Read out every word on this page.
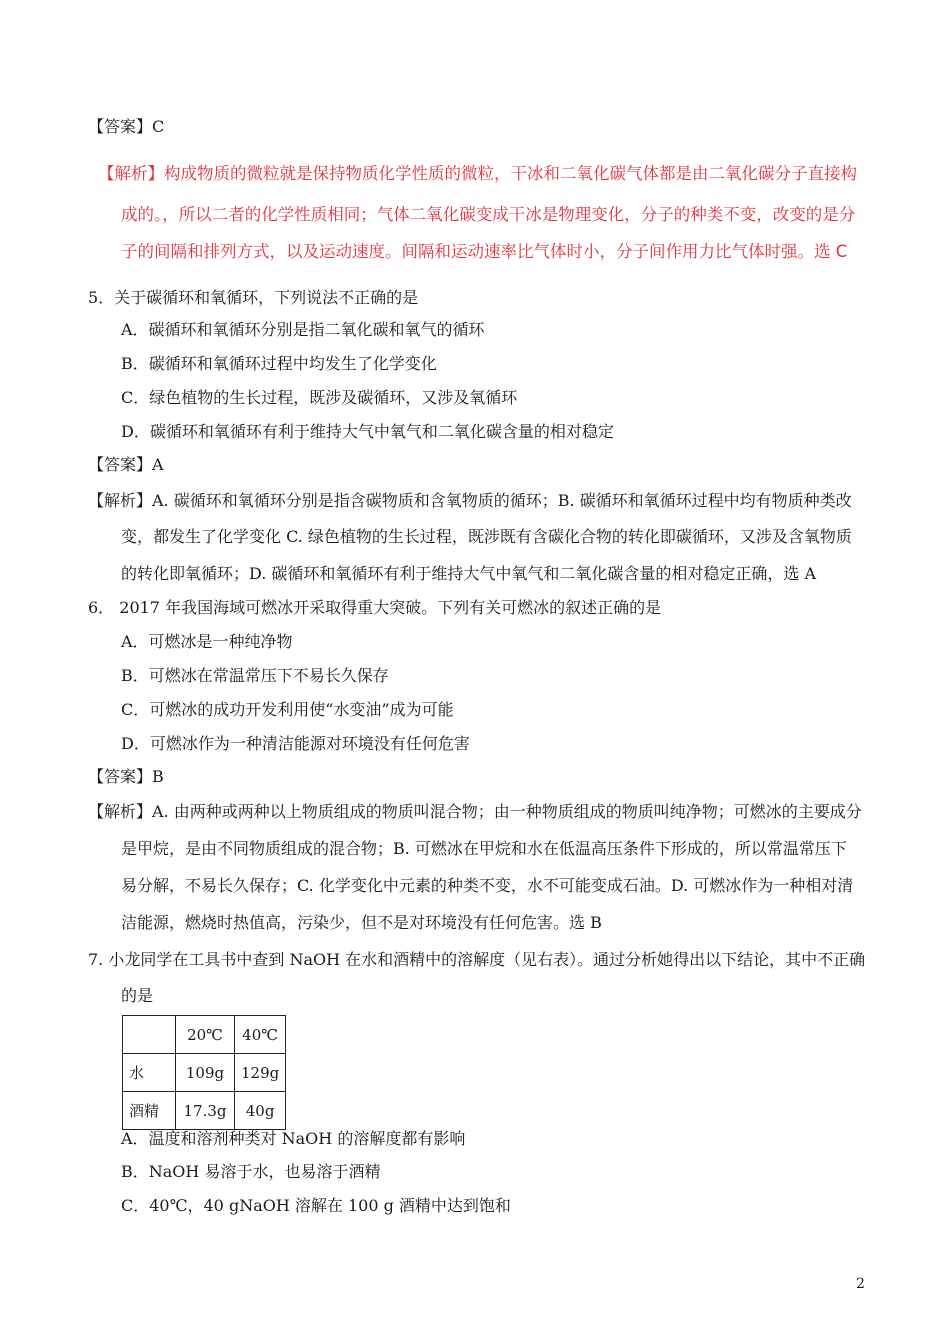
【答案】C
【解析】构成物质的微粒就是保持物质化学性质的微粒，干冰和二氧化碳气体都是由二氧化碳分子直接构
成的。，所以二者的化学性质相同；气体二氧化碳变成干冰是物理变化，分子的种类不变，改变的是分
子的间隔和排列方式，以及运动速度。间隔和运动速率比气体时小，分子间作用力比气体时强。选 C
5．关于碳循环和氧循环，下列说法不正确的是
A．碳循环和氧循环分别是指二氧化碳和氧气的循环
B．碳循环和氧循环过程中均发生了化学变化
C．绿色植物的生长过程，既涉及碳循环，又涉及氧循环
D．碳循环和氧循环有利于维持大气中氧气和二氧化碳含量的相对稳定
【答案】A
【解析】A. 碳循环和氧循环分别是指含碳物质和含氧物质的循环；B. 碳循环和氧循环过程中均有物质种类改
变，都发生了化学变化 C. 绿色植物的生长过程，既涉既有含碳化合物的转化即碳循环，又涉及含氧物质
的转化即氧循环；D. 碳循环和氧循环有利于维持大气中氧气和二氧化碳含量的相对稳定正确，选 A
6． 2017 年我国海域可燃冰开采取得重大突破。下列有关可燃冰的叙述正确的是
A．可燃冰是一种纯净物
B．可燃冰在常温常压下不易长久保存
C．可燃冰的成功开发利用使“水变油”成为可能
D．可燃冰作为一种清洁能源对环境没有任何危害
【答案】B
【解析】A. 由两种或两种以上物质组成的物质叫混合物；由一种物质组成的物质叫纯净物；可燃冰的主要成分
是甲烷，是由不同物质组成的混合物；B. 可燃冰在甲烷和水在低温高压条件下形成的，所以常温常压下
易分解，不易长久保存；C. 化学变化中元素的种类不变，水不可能变成石油。D. 可燃冰作为一种相对清
洁能源，燃烧时热值高，污染少，但不是对环境没有任何危害。选 B
7. 小龙同学在工具书中查到 NaOH 在水和酒精中的溶解度（见右表）。通过分析她得出以下结论，其中不正确
的是
	20℃	40℃
水	109g	129g
酒精	17.3g	40g
A．温度和溶剂种类对 NaOH 的溶解度都有影响
B．NaOH 易溶于水，也易溶于酒精
C．40℃，40 gNaOH 溶解在 100 g 酒精中达到饱和
2
